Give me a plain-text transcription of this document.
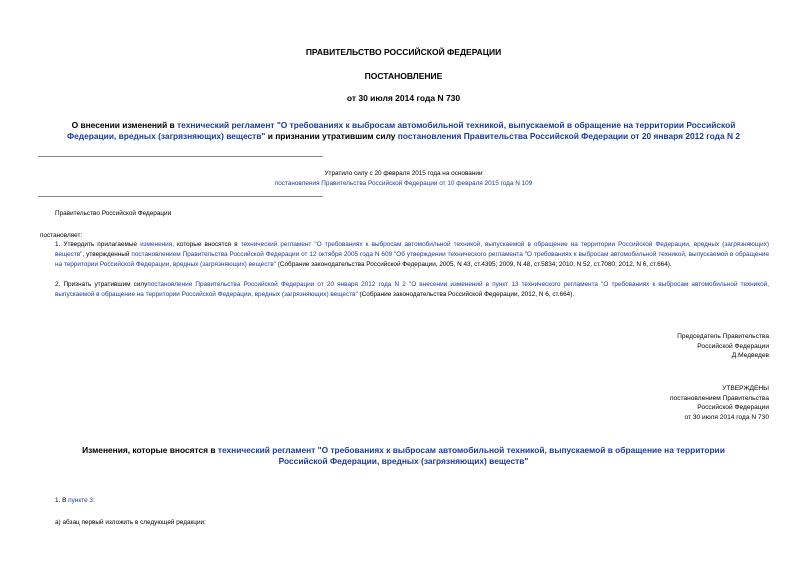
ПРАВИТЕЛЬСТВО РОССИЙСКОЙ ФЕДЕРАЦИИ
ПОСТАНОВЛЕНИЕ
от 30 июля 2014 года N 730
О внесении изменений в технический регламент "О требованиях к выбросам автомобильной техникой, выпускаемой в обращение на территории Российской Федерации, вредных (загрязняющих) веществ" и признании утратившим силу постановления Правительства Российской Федерации от 20 января 2012 года N 2
Утратило силу с 20 февраля 2015 года на основании
постановления Правительства Российской Федерации от 10 февраля 2015 года N 109
Правительство Российской Федерации
постановляет:
1. Утвердить прилагаемые изменения, которые вносятся в технический регламент "О требованиях к выбросам автомобильной техникой, выпускаемой в обращение на территории Российской Федерации, вредных (загрязняющих) веществ", утвержденный постановлением Правительства Российской Федерации от 12 октября 2005 года N 609 "Об утверждении технического регламента "О требованиях к выбросам автомобильной техникой, выпускаемой в обращение на территории Российской Федерации, вредных (загрязняющих) веществ" (Собрание законодательства Российской Федерации, 2005, N 43, ст.4395; 2009, N 48, ст.5834; 2010, N 52, ст.7080; 2012, N 6, ст.664).
2. Признать утратившим силупостановление Правительства Российской Федерации от 20 января 2012 года N 2 "О внесении изменений в пункт 13 технического регламента "О требованиях к выбросам автомобильной техникой, выпускаемой в обращение на территории Российской Федерации, вредных (загрязняющих) веществ" (Собрание законодательства Российской Федерации, 2012, N 6, ст.664).
Председатель Правительства
Российской Федерации
Д.Медведев
УТВЕРЖДЕНЫ
постановлением Правительства
Российской Федерации
от 30 июля 2014 года N 730
Изменения, которые вносятся в технический регламент "О требованиях к выбросам автомобильной техникой, выпускаемой в обращение на территории Российской Федерации, вредных (загрязняющих) веществ"
1. В пункте 3:
а) абзац первый изложить в следующей редакции:
